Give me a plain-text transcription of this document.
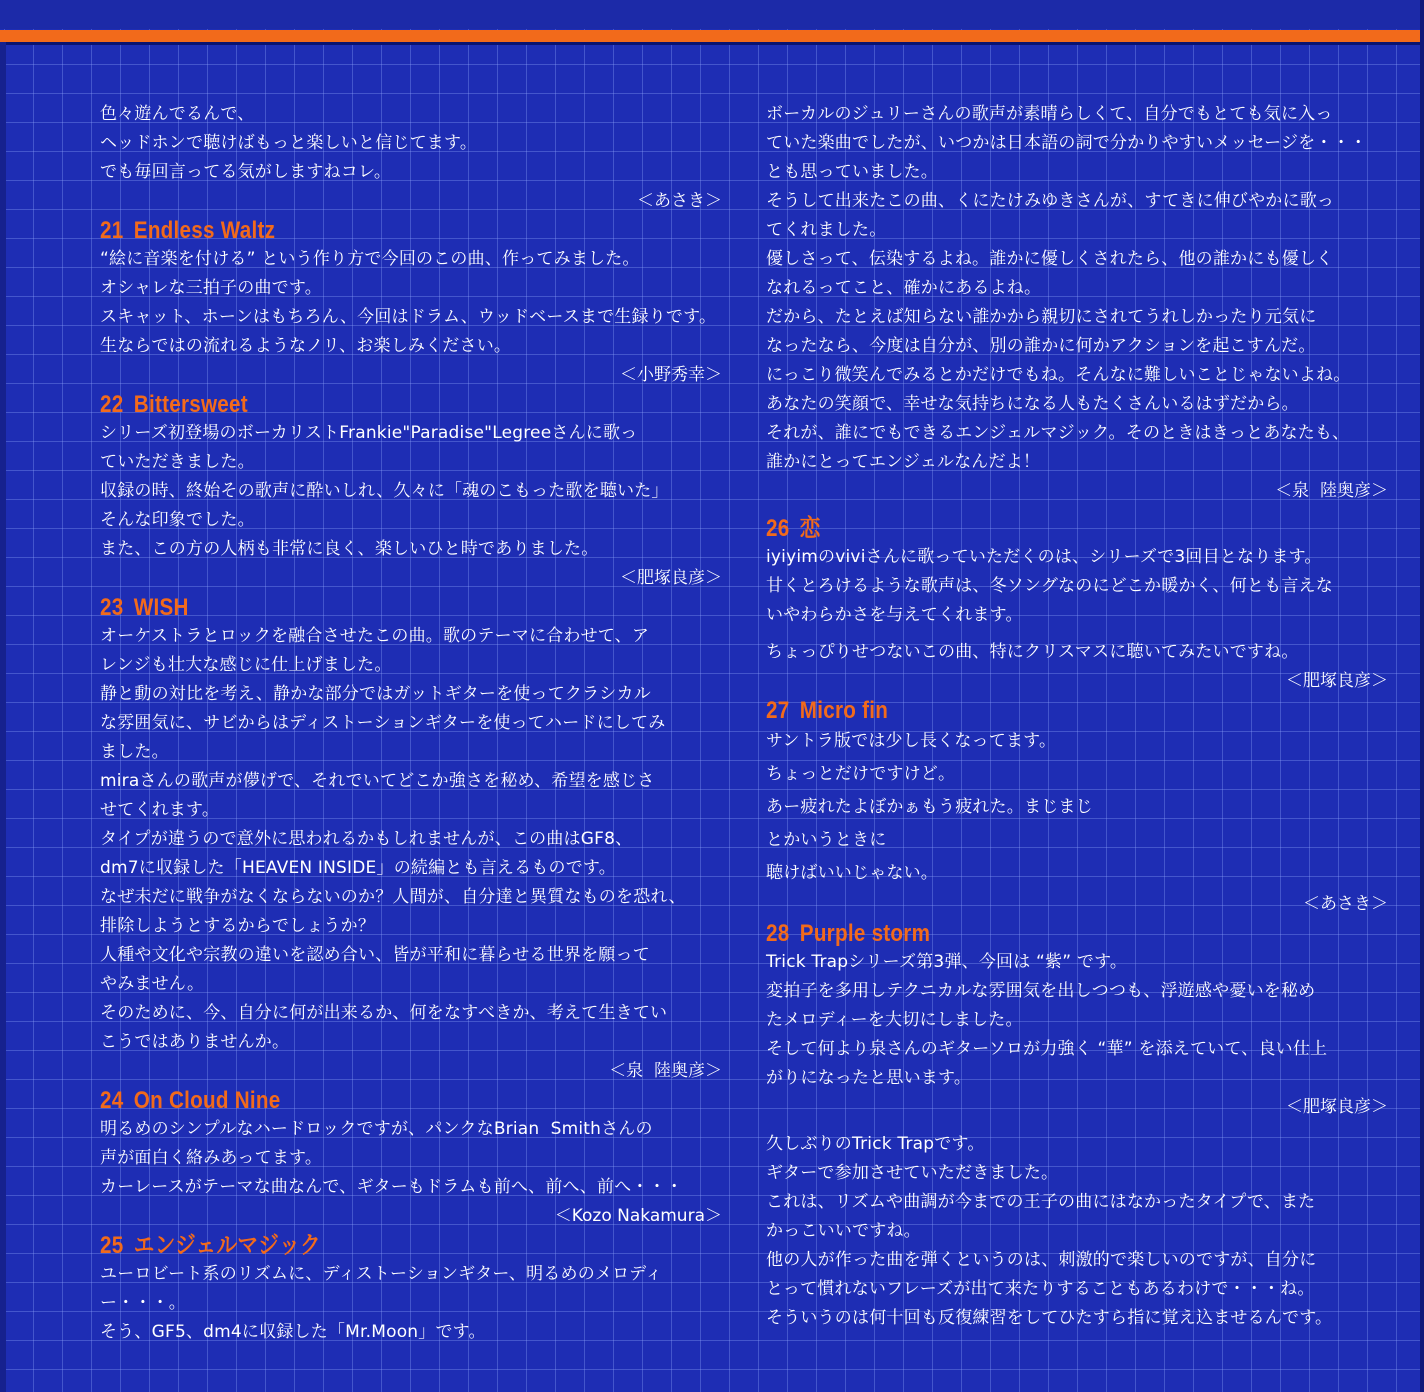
色々遊んでるんで、
ヘッドホンで聴けばもっと楽しいと信じてます。
でも毎回言ってる気がしますねコレ。

＜あさき＞

21 Endless Waltz

“絵に音楽を付ける” という作り方で今回のこの曲、作ってみました。
オシャレな三拍子の曲です。
スキャット、ホーンはもちろん、今回はドラム、ウッドベースまで生録りです。
生ならではの流れるようなノリ、お楽しみください。

＜小野秀幸＞

22 Bittersweet

シリーズ初登場のボーカリストFrankie"Paradise"Legreeさんに歌っ
ていただきました。
収録の時、終始その歌声に酔いしれ、久々に「魂のこもった歌を聴いた」
そんな印象でした。
また、この方の人柄も非常に良く、楽しいひと時でありました。

＜肥塚良彦＞

23 WISH

オーケストラとロックを融合させたこの曲。歌のテーマに合わせて、ア
レンジも壮大な感じに仕上げました。
静と動の対比を考え、静かな部分ではガットギターを使ってクラシカル
な雰囲気に、サビからはディストーションギターを使ってハードにしてみ
ました。
miraさんの歌声が儚げで、それでいてどこか強さを秘め、希望を感じさ
せてくれます。
タイプが違うので意外に思われるかもしれませんが、この曲はGF8、
dm7に収録した「HEAVEN INSIDE」の続編とも言えるものです。
なぜ未だに戦争がなくならないのか？人間が、自分達と異質なものを恐れ、
排除しようとするからでしょうか？
人種や文化や宗教の違いを認め合い、皆が平和に暮らせる世界を願って
やみません。
そのために、今、自分に何が出来るか、何をなすべきか、考えて生きてい
こうではありませんか。

＜泉  陸奥彦＞

24 On Cloud Nine

明るめのシンプルなハードロックですが、パンクなBrian  Smithさんの
声が面白く絡みあってます。
カーレースがテーマな曲なんで、ギターもドラムも前へ、前へ、前へ・・・

＜Kozo Nakamura＞

25 エンジェルマジック

ユーロビート系のリズムに、ディストーションギター、明るめのメロディー・・・。
そう、GF5、dm4に収録した「Mr.Moon」です。

ボーカルのジュリーさんの歌声が素晴らしくて、自分でもとても気に入っ
ていた楽曲でしたが、いつかは日本語の詞で分かりやすいメッセージを・・・
とも思っていました。
そうして出来たこの曲、くにたけみゆきさんが、すてきに伸びやかに歌っ
てくれました。
優しさって、伝染するよね。誰かに優しくされたら、他の誰かにも優しく
なれるってこと、確かにあるよね。
だから、たとえば知らない誰かから親切にされてうれしかったり元気に
なったなら、今度は自分が、別の誰かに何かアクションを起こすんだ。
にっこり微笑んでみるとかだけでもね。そんなに難しいことじゃないよね。
あなたの笑顔で、幸せな気持ちになる人もたくさんいるはずだから。
それが、誰にでもできるエンジェルマジック。そのときはきっとあなたも、
誰かにとってエンジェルなんだよ！

＜泉  陸奥彦＞

26 恋

iyiyimのviviさんに歌っていただくのは、シリーズで3回目となります。
甘くとろけるような歌声は、冬ソングなのにどこか暖かく、何とも言えな
いやわらかさを与えてくれます。

ちょっぴりせつないこの曲、特にクリスマスに聴いてみたいですね。

＜肥塚良彦＞

27 Micro fin

サントラ版では少し長くなってます。

ちょっとだけですけど。

あー疲れたよぼかぁもう疲れた。まじまじ

とかいうときに

聴けばいいじゃない。

＜あさき＞

28 Purple storm

Trick Trapシリーズ第3弾、今回は “紫” です。
変拍子を多用しテクニカルな雰囲気を出しつつも、浮遊感や憂いを秘め
たメロディーを大切にしました。
そして何より泉さんのギターソロが力強く “華” を添えていて、良い仕上
がりになったと思います。

＜肥塚良彦＞

久しぶりのTrick Trapです。
ギターで参加させていただきました。
これは、リズムや曲調が今までの王子の曲にはなかったタイプで、また
かっこいいですね。
他の人が作った曲を弾くというのは、刺激的で楽しいのですが、自分に
とって慣れないフレーズが出て来たりすることもあるわけで・・・ね。
そういうのは何十回も反復練習をしてひたすら指に覚え込ませるんです。
